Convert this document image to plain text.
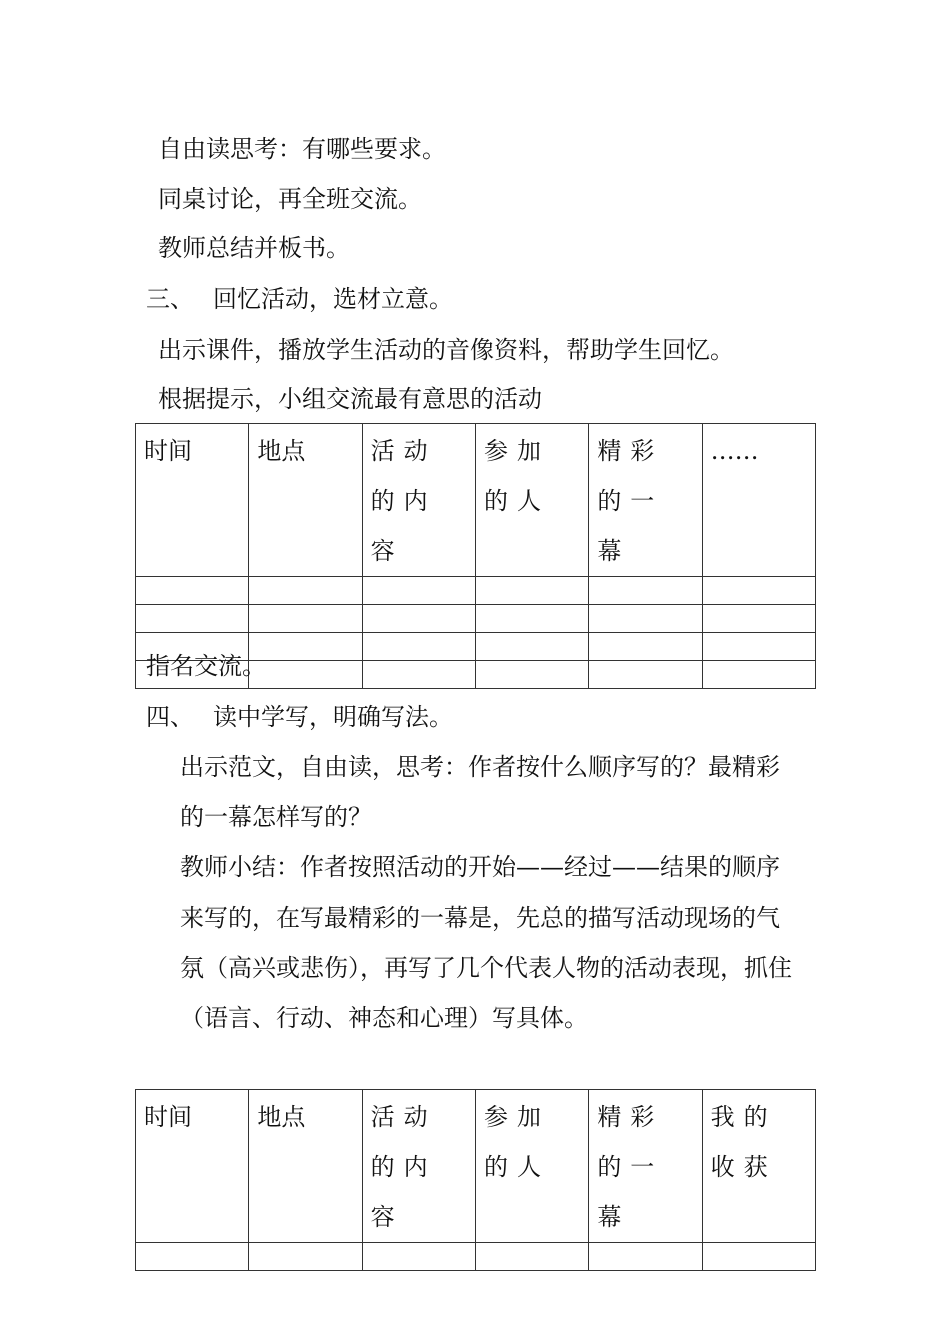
自由读思考：有哪些要求。
同桌讨论，再全班交流。
教师总结并板书。
三、 回忆活动，选材立意。
出示课件，播放学生活动的音像资料，帮助学生回忆。
根据提示，小组交流最有意思的活动
时间	地点	活动的内容	参加的人	精彩的一幕	……

指名交流。
四、 读中学写，明确写法。
出示范文，自由读，思考：作者按什么顺序写的？最精彩
的一幕怎样写的？
教师小结：作者按照活动的开始——经过——结果的顺序
来写的，在写最精彩的一幕是，先总的描写活动现场的气
氛（高兴或悲伤），再写了几个代表人物的活动表现，抓住
（语言、行动、神态和心理）写具体。
时间	地点	活动的内容	参加的人	精彩的一幕	我的收获
